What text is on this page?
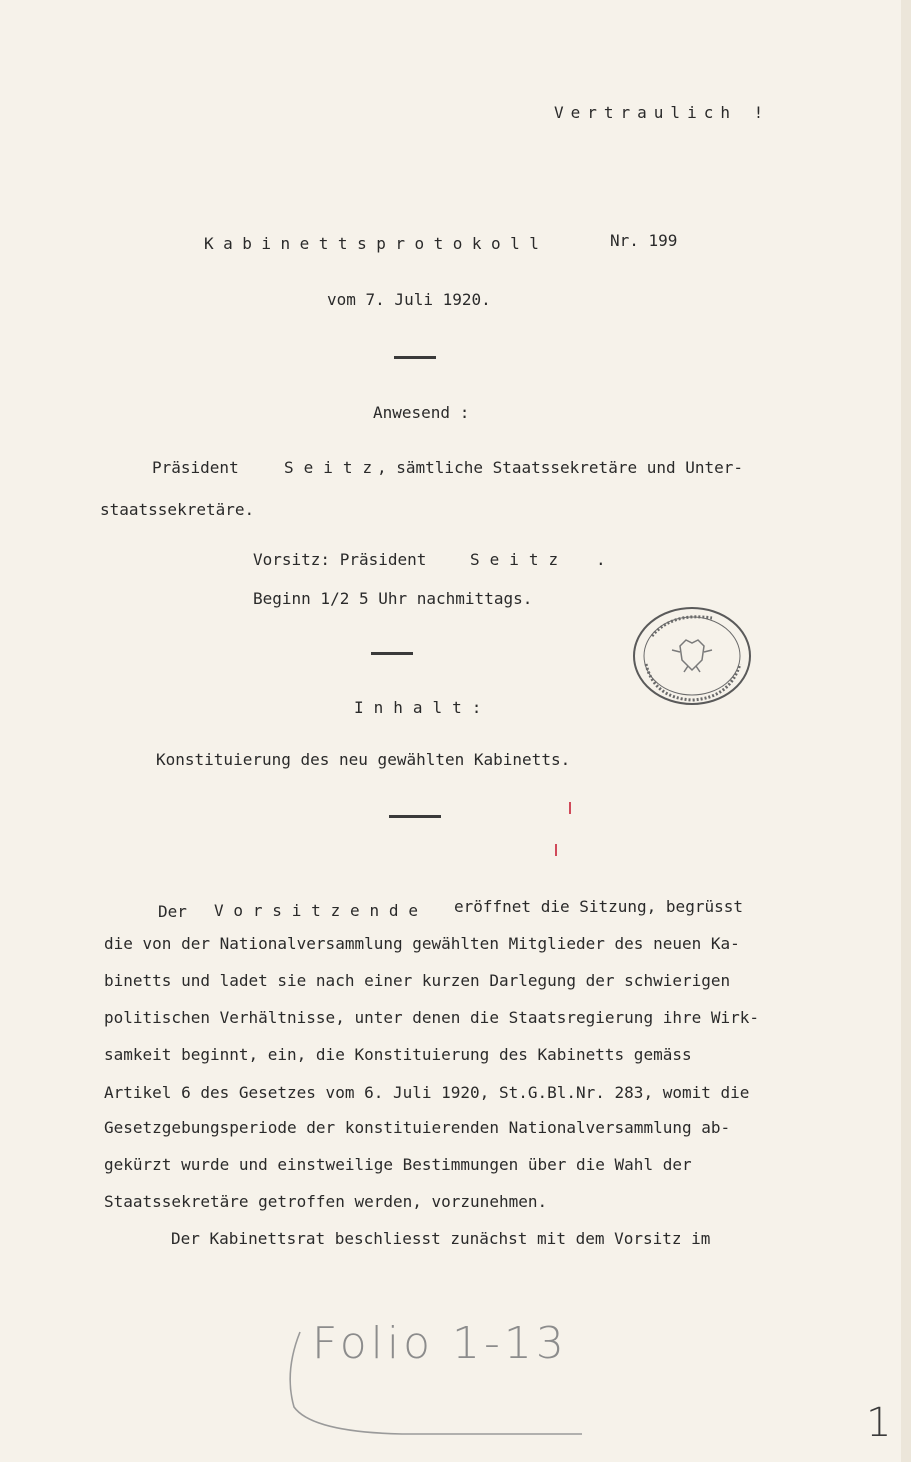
Vertraulich !
Kabinettsprotokoll	Nr. 199
vom 7. Juli 1920.
Anwesend :
Präsident	Seitz
, sämtliche Staatssekretäre und Unter-
staatssekretäre.
Vorsitz: Präsident	Seitz .
Beginn 1/2 5 Uhr nachmittags.
Inhalt:
Konstituierung des neu gewählten Kabinetts.
Der Vorsitzende eröffnet die Sitzung, begrüsst
die von der Nationalversammlung gewählten Mitglieder des neuen Ka-
binetts und ladet sie nach einer kurzen Darlegung der schwierigen
politischen Verhältnisse, unter denen die Staatsregierung ihre Wirk-
samkeit beginnt, ein, die Konstituierung des Kabinetts gemäss
Artikel 6 des Gesetzes vom 6. Juli 1920, St.G.Bl.Nr. 283, womit die
Gesetzgebungsperiode der konstituierenden Nationalversammlung ab-
gekürzt wurde und einstweilige Bestimmungen über die Wahl der
Staatssekretäre getroffen werden, vorzunehmen.
Der Kabinettsrat beschliesst zunächst mit dem Vorsitz im
Folio 1-13
1
